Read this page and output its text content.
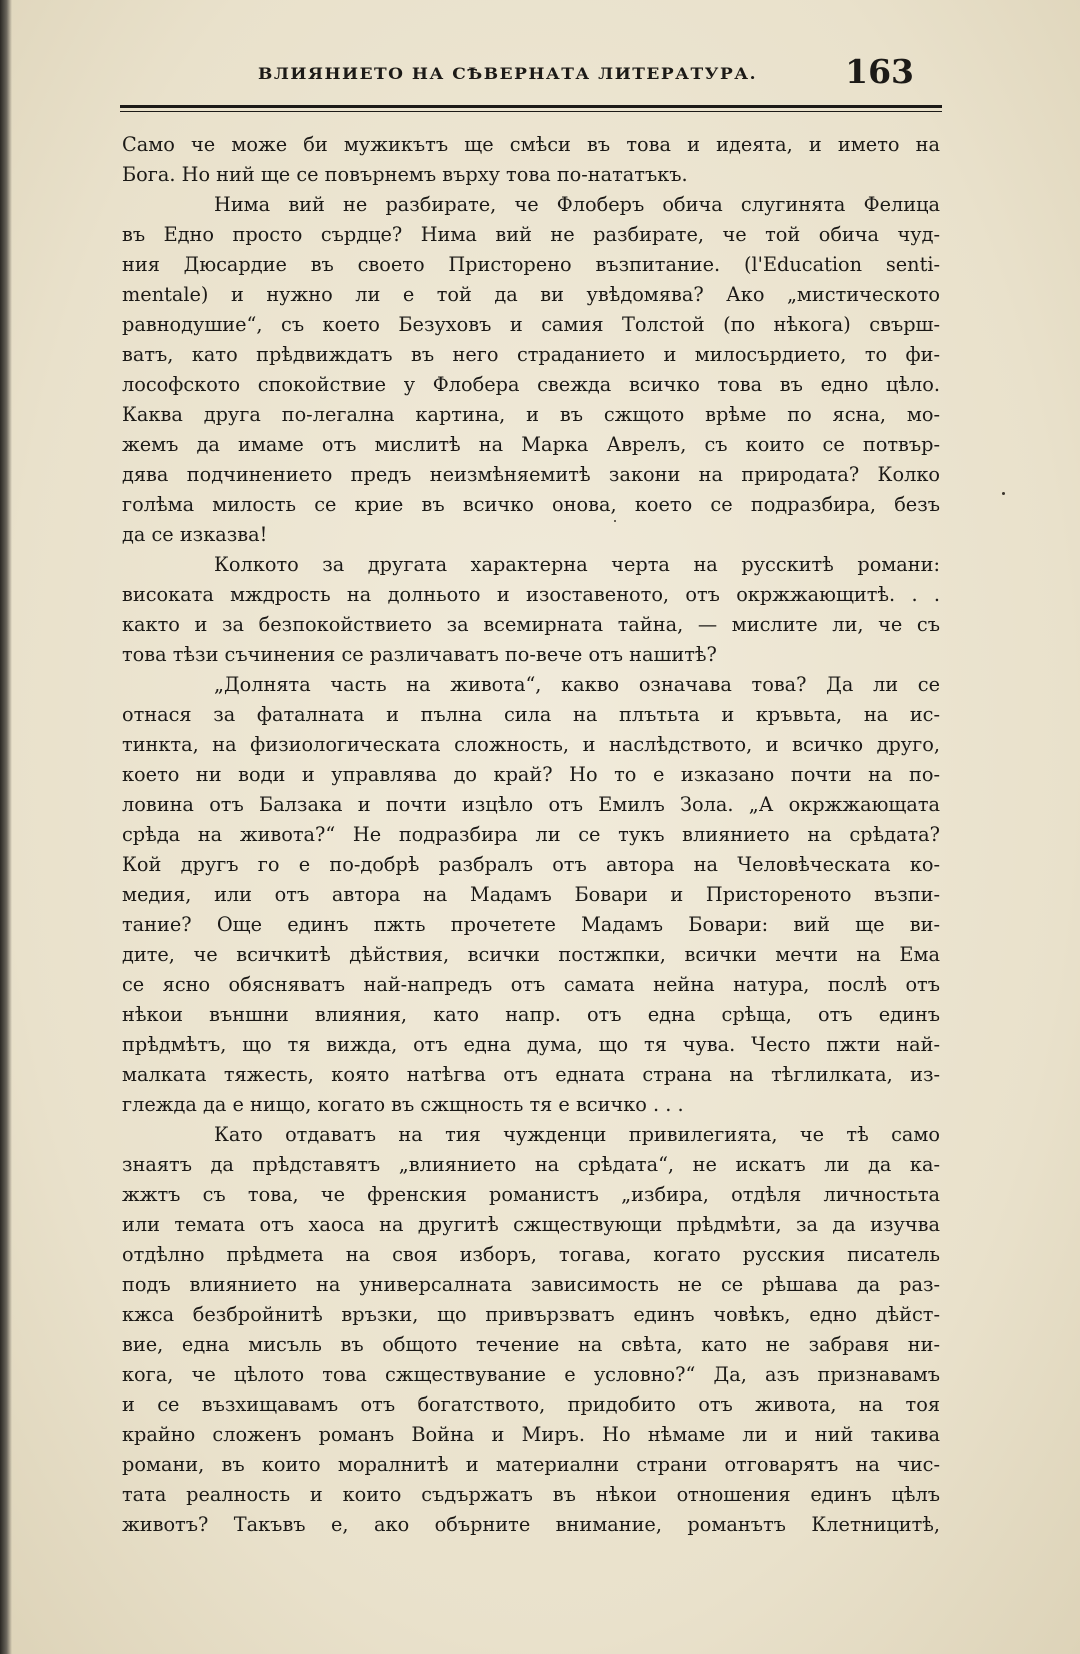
ВЛИЯНИЕТО НА СѢВЕРНАТА ЛИТЕРАТУРА.	163
Само че може би мужикътъ ще смѣси въ това и идеята, и името на
Бога. Но ний ще се повърнемъ върху това по-нататъкъ.
Нима вий не разбирате, че Флоберъ обича слугинята Фелица
въ Едно просто сърдце? Нима вий не разбирате, че той обича чуд-
ния Дюсардие въ своето Присторено възпитание. (l'Education senti-
mentale) и нужно ли е той да ви увѣдомява? Ако „мистическото
равнодушие“, съ което Безуховъ и самия Толстой (по нѣкога) свърш-
ватъ, като прѣдвиждатъ въ него страданието и милосърдието, то фи-
лософското спокойствие у Флобера свежда всичко това въ едно цѣло.
Каква друга по-легална картина, и въ сжщото врѣме по ясна, мо-
жемъ да имаме отъ мислитѣ на Марка Аврелъ, съ които се потвър-
дява подчинението предъ неизмѣняемитѣ закони на природата? Колко
голѣма милость се крие въ всичко онова, което се подразбира, безъ
да се изказва!
Колкото за другата характерна черта на русскитѣ романи:
високата мждрость на долньото и изоставеното, отъ окржжающитѣ. . .
както и за безпокойствието за всемирната тайна, — мислите ли, че съ
това тѣзи съчинения се различаватъ по-вече отъ нашитѣ?
„Долнята часть на живота“, какво означава това? Да ли се
отнася за фаталната и пълна сила на плътьта и кръвьта, на ис-
тинкта, на физиологическата сложность, и наслѣдството, и всичко друго,
което ни води и управлява до край? Но то е изказано почти на по-
ловина отъ Балзака и почти изцѣло отъ Емилъ Зола. „А окржжающата
срѣда на живота?“ Не подразбира ли се тукъ влиянието на срѣдата?
Кой другъ го е по-добрѣ разбралъ отъ автора на Человѣческата ко-
медия, или отъ автора на Мадамъ Бовари и Пристореното възпи-
тание? Още единъ пжть прочетете Мадамъ Бовари: вий ще ви-
дите, че всичкитѣ дѣйствия, всички постжпки, всички мечти на Ема
се ясно обясняватъ най-напредъ отъ самата нейна натура, послѣ отъ
нѣкои външни влияния, като напр. отъ една срѣща, отъ единъ
прѣдмѣтъ, що тя вижда, отъ една дума, що тя чува. Често пжти най-
малката тяжесть, която натѣгва отъ едната страна на тѣглилката, из-
глежда да е нищо, когато въ сжщность тя е всичко . . .
Като отдаватъ на тия чужденци привилегията, че тѣ само
знаятъ да прѣдставятъ „влиянието на срѣдата“, не искатъ ли да ка-
жжтъ съ това, че френския романистъ „избира, отдѣля личностьта
или темата отъ хаоса на другитѣ сжществующи прѣдмѣти, за да изучва
отдѣлно прѣдмета на своя изборъ, тогава, когато русския писатель
подъ влиянието на универсалната зависимость не се рѣшава да раз-
кжса безбройнитѣ връзки, що привързватъ единъ човѣкъ, едно дѣйст-
вие, една мисъль въ общото течение на свѣта, като не забравя ни-
кога, че цѣлото това сжществувание е условно?“ Да, азъ признавамъ
и се възхищавамъ отъ богатството, придобито отъ живота, на тоя
крайно сложенъ романъ Война и Миръ. Но нѣмаме ли и ний такива
романи, въ които моралнитѣ и материални страни отговарятъ на чис-
тата реалность и които съдържатъ въ нѣкои отношения единъ цѣлъ
животъ? Такъвъ е, ако обърните внимание, романътъ Клетницитѣ,
